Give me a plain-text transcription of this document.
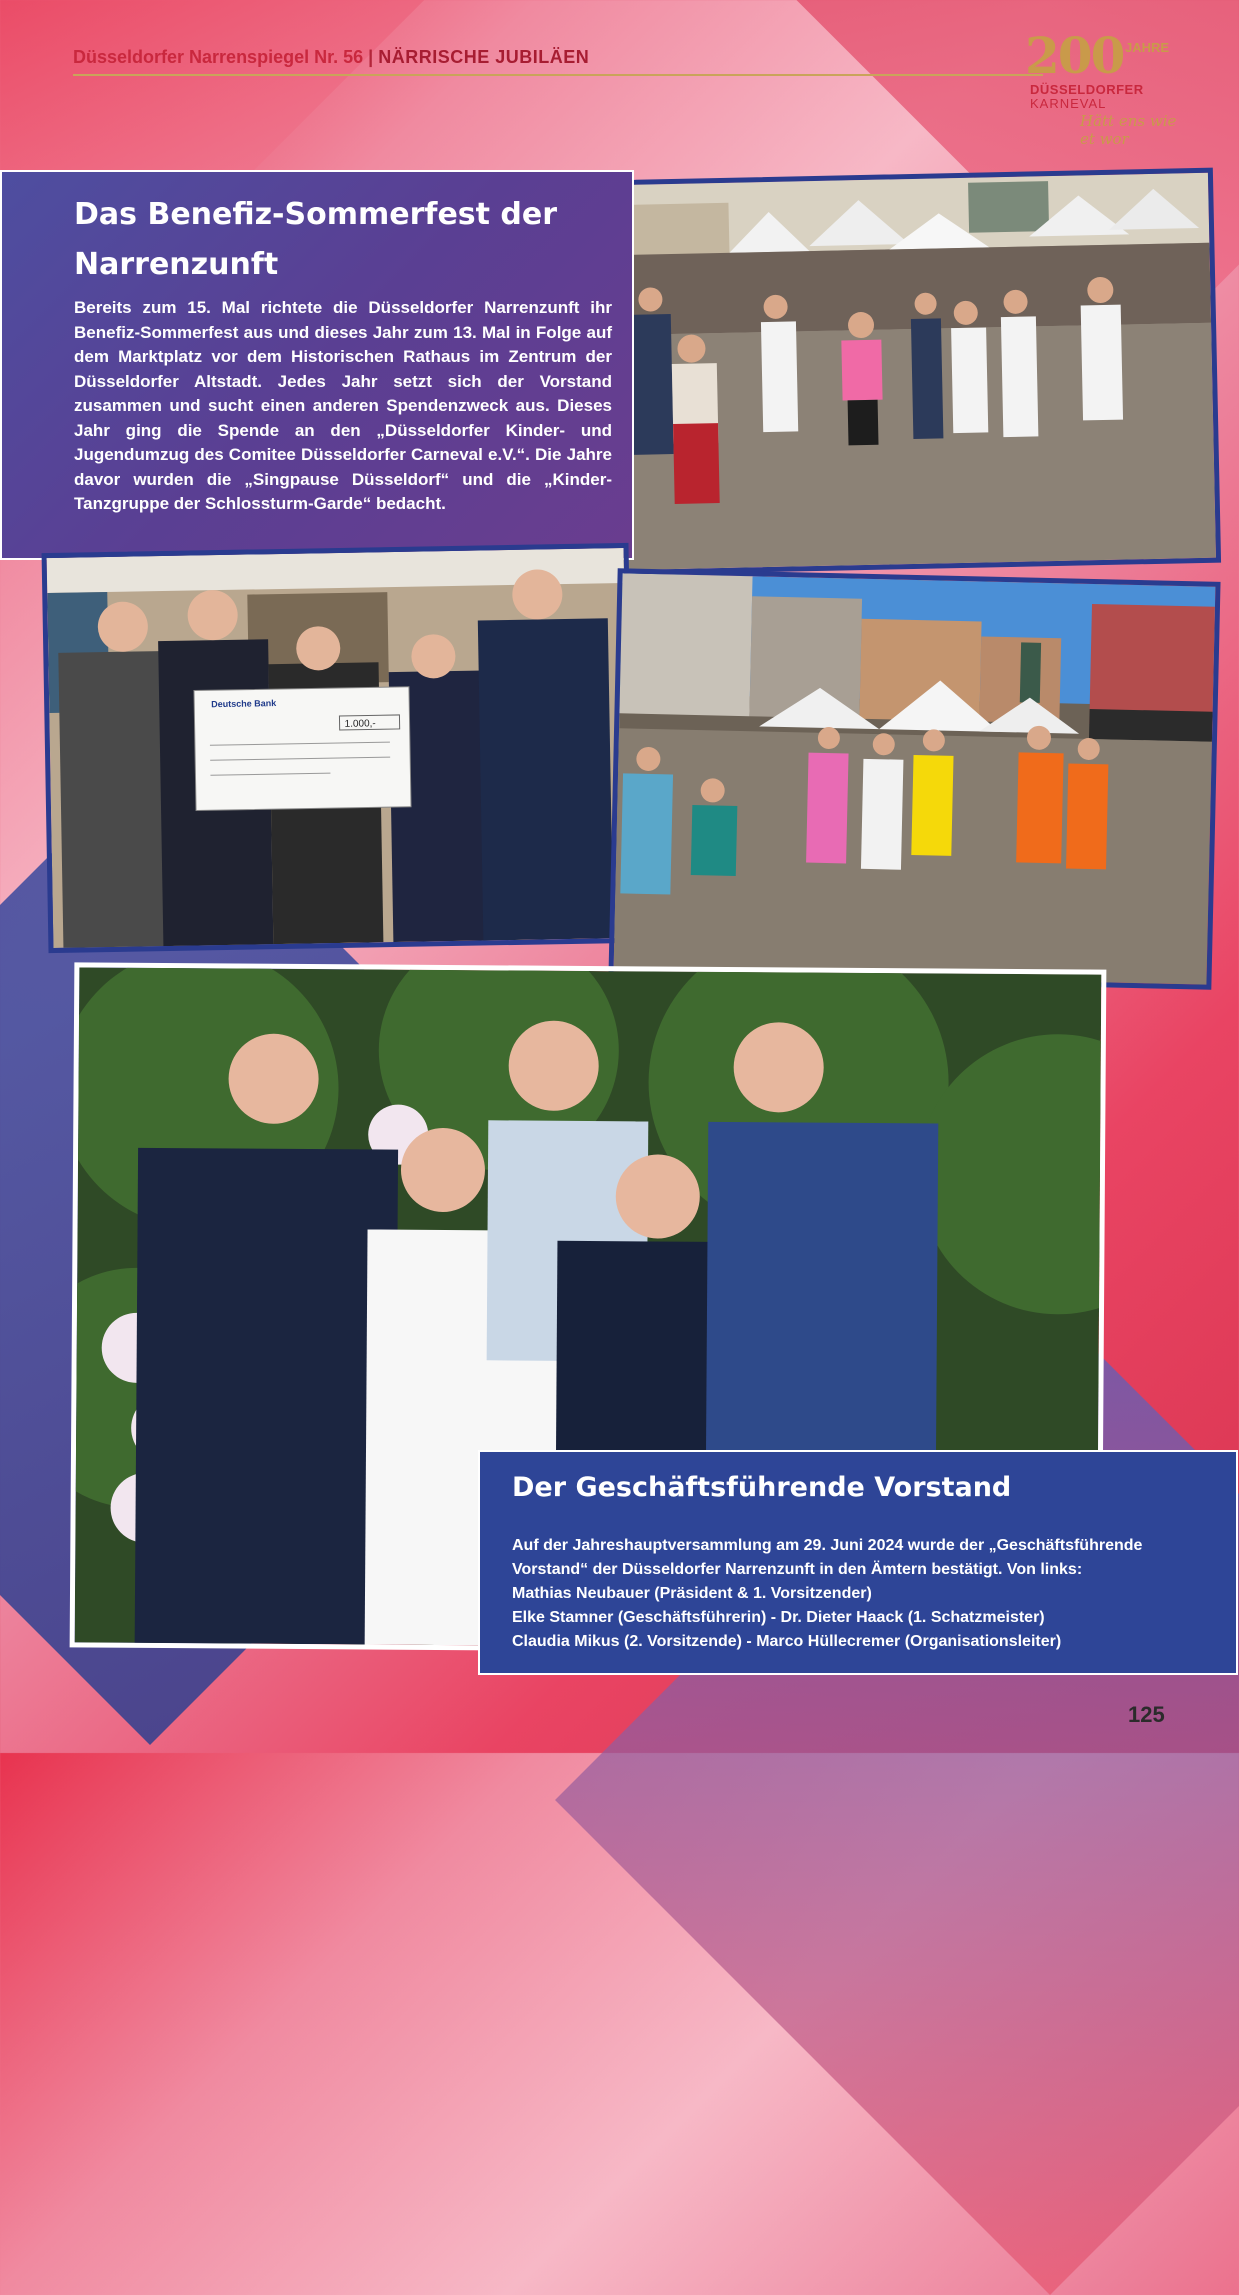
Düsseldorfer Narrenspiegel Nr. 56 | NÄRRISCHE JUBILÄEN	200 JAHRE
DÜSSELDORFER
KARNEVAL
Hätt ens wie et wor
Das Benefiz-Sommerfest der Narrenzunft

Bereits zum 15. Mal richtete die Düsseldorfer Narrenzunft ihr Benefiz-Sommerfest aus und dieses Jahr zum 13. Mal in Folge auf dem Marktplatz vor dem Historischen Rathaus im Zentrum der Düsseldorfer Altstadt. Jedes Jahr setzt sich der Vorstand zusammen und sucht einen anderen Spendenzweck aus. Dieses Jahr ging die Spende an den „Düsseldorfer Kinder- und Jugendumzug des Comitee Düsseldorfer Carneval e.V.“. Die Jahre davor wurden die „Singpause Düsseldorf“ und die „Kinder-Tanzgruppe der Schlossturm-Garde“ bedacht.

Deutsche Bank
1.000,-
Der Geschäftsführende Vorstand

Auf der Jahreshauptversammlung am 29. Juni 2024 wurde der „Geschäftsführende Vorstand“ der Düsseldorfer Narrenzunft in den Ämtern bestätigt. Von links:
Mathias Neubauer (Präsident & 1. Vorsitzender)
Elke Stamner (Geschäftsführerin) - Dr. Dieter Haack (1. Schatzmeister)
Claudia Mikus (2. Vorsitzende) - Marco Hüllecremer (Organisationsleiter)

125
